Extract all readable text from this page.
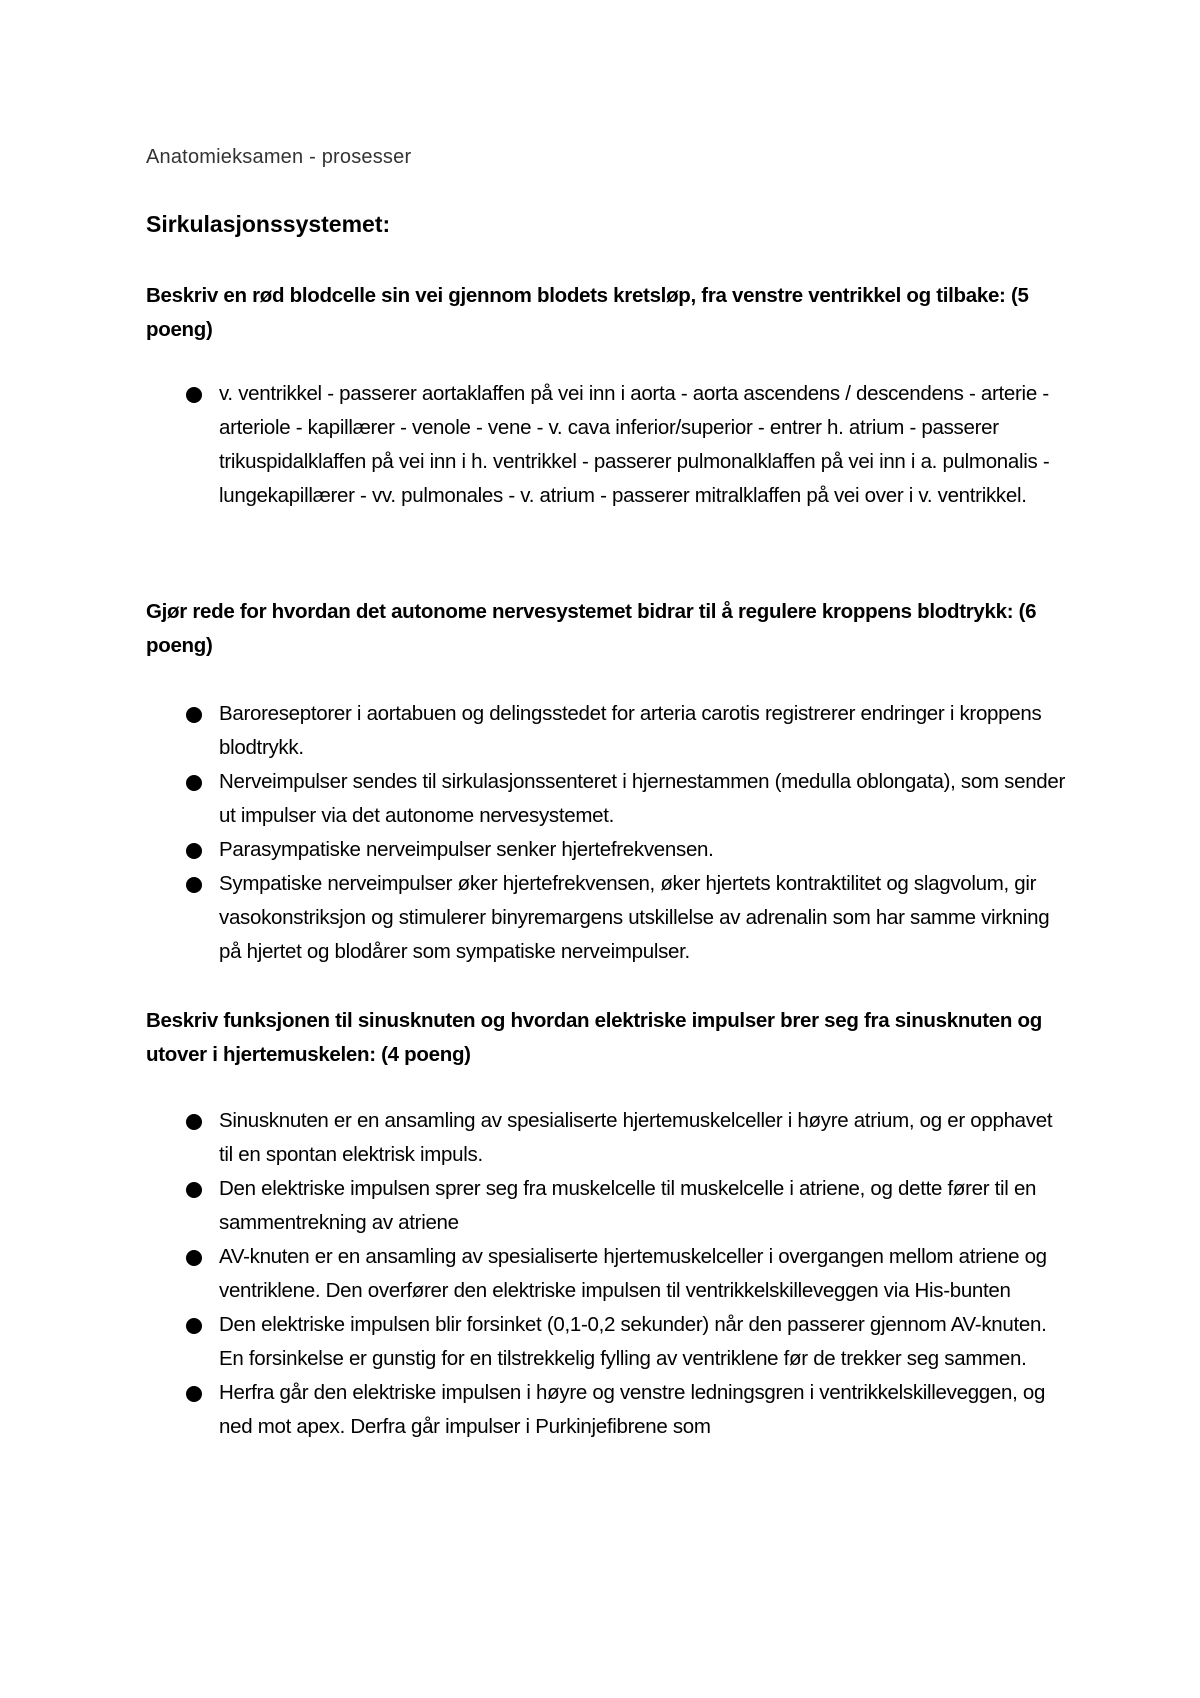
Anatomieksamen - prosesser
Sirkulasjonssystemet:
Beskriv en rød blodcelle sin vei gjennom blodets kretsløp, fra venstre ventrikkel og tilbake: (5 poeng)
v. ventrikkel - passerer aortaklaffen på vei inn i aorta - aorta ascendens / descendens - arterie - arteriole - kapillærer - venole - vene - v. cava inferior/superior - entrer h. atrium - passerer trikuspidalklaffen på vei inn i h. ventrikkel - passerer pulmonalklaffen på vei inn i a. pulmonalis - lungekapillærer - vv. pulmonales - v. atrium - passerer mitralklaffen på vei over i v. ventrikkel.
Gjør rede for hvordan det autonome nervesystemet bidrar til å regulere kroppens blodtrykk: (6 poeng)
Baroreseptorer i aortabuen og delingsstedet for arteria carotis registrerer endringer i kroppens blodtrykk.
Nerveimpulser sendes til sirkulasjonssenteret i hjernestammen (medulla oblongata), som sender ut impulser via det autonome nervesystemet.
Parasympatiske nerveimpulser senker hjertefrekvensen.
Sympatiske nerveimpulser øker hjertefrekvensen, øker hjertets kontraktilitet og slagvolum, gir vasokonstriksjon og stimulerer binyremargens utskillelse av adrenalin som har samme virkning på hjertet og blodårer som sympatiske nerveimpulser.
Beskriv funksjonen til sinusknuten og hvordan elektriske impulser brer seg fra sinusknuten og utover i hjertemuskelen: (4 poeng)
Sinusknuten er en ansamling av spesialiserte hjertemuskelceller i høyre atrium, og er opphavet til en spontan elektrisk impuls.
Den elektriske impulsen sprer seg fra muskelcelle til muskelcelle i atriene, og dette fører til en sammentrekning av atriene
AV-knuten er en ansamling av spesialiserte hjertemuskelceller i overgangen mellom atriene og ventriklene. Den overfører den elektriske impulsen til ventrikkelskilleveggen via His-bunten
Den elektriske impulsen blir forsinket (0,1-0,2 sekunder) når den passerer gjennom AV-knuten. En forsinkelse er gunstig for en tilstrekkelig fylling av ventriklene før de trekker seg sammen.
Herfra går den elektriske impulsen i høyre og venstre ledningsgren i ventrikkelskilleveggen, og ned mot apex. Derfra går impulser i Purkinjefibrene som
